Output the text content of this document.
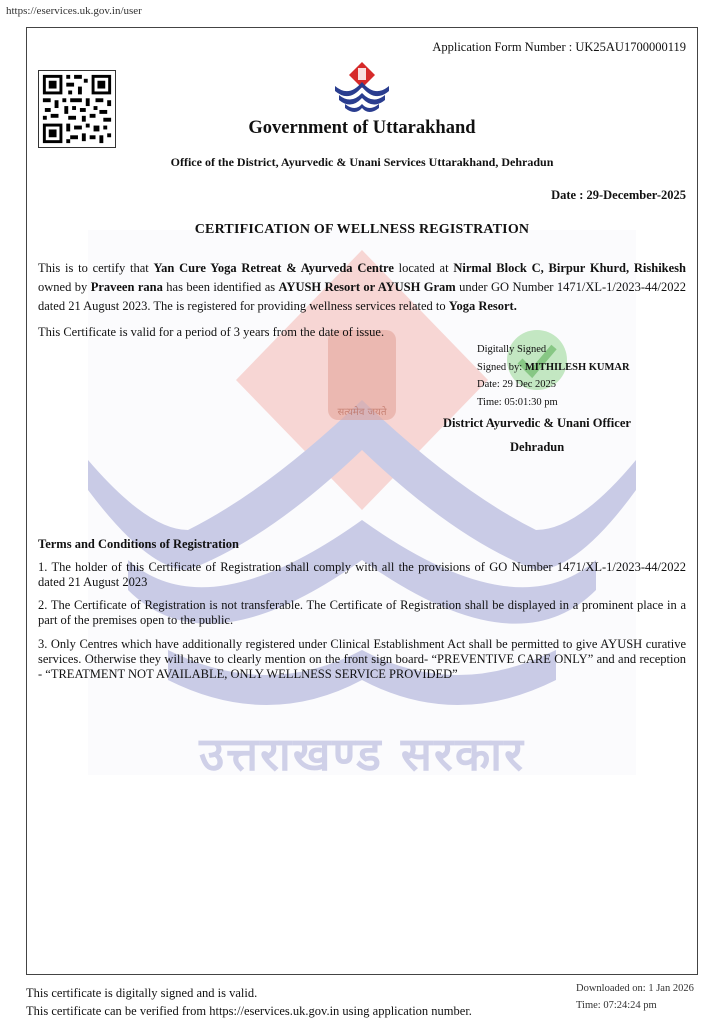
https://eservices.uk.gov.in/user
सत्यमेव जयते
उत्तराखण्ड सरकार
Application Form Number : UK25AU1700000119
Government of Uttarakhand
Office of the District, Ayurvedic & Unani Services Uttarakhand, Dehradun
Date : 29-December-2025
CERTIFICATION OF WELLNESS REGISTRATION
This is to certify that Yan Cure Yoga Retreat & Ayurveda Centre located at Nirmal Block C, Birpur Khurd, Rishikesh owned by Praveen rana has been identified as AYUSH Resort or AYUSH Gram under GO Number 1471/XL-1/2023-44/2022 dated 21 August 2023. The is registered for providing wellness services related to Yoga Resort.
This Certificate is valid for a period of 3 years from the date of issue.
Digitally Signed
Signed by: MITHILESH KUMAR
Date: 29 Dec 2025
Time: 05:01:30 pm
District Ayurvedic & Unani Officer
Dehradun
Terms and Conditions of Registration
1. The holder of this Certificate of Registration shall comply with all the provisions of GO Number 1471/XL-1/2023-44/2022 dated 21 August 2023
2. The Certificate of Registration is not transferable. The Certificate of Registration shall be displayed in a prominent place in a part of the premises open to the public.
3. Only Centres which have additionally registered under Clinical Establishment Act shall be permitted to give AYUSH curative services. Otherwise they will have to clearly mention on the front sign board- “PREVENTIVE CARE ONLY” and and reception - “TREATMENT NOT AVAILABLE, ONLY WELLNESS SERVICE PROVIDED”
This certificate is digitally signed and is valid.
This certificate can be verified from https://eservices.uk.gov.in using application number.
Downloaded on: 1 Jan 2026
Time: 07:24:24 pm
